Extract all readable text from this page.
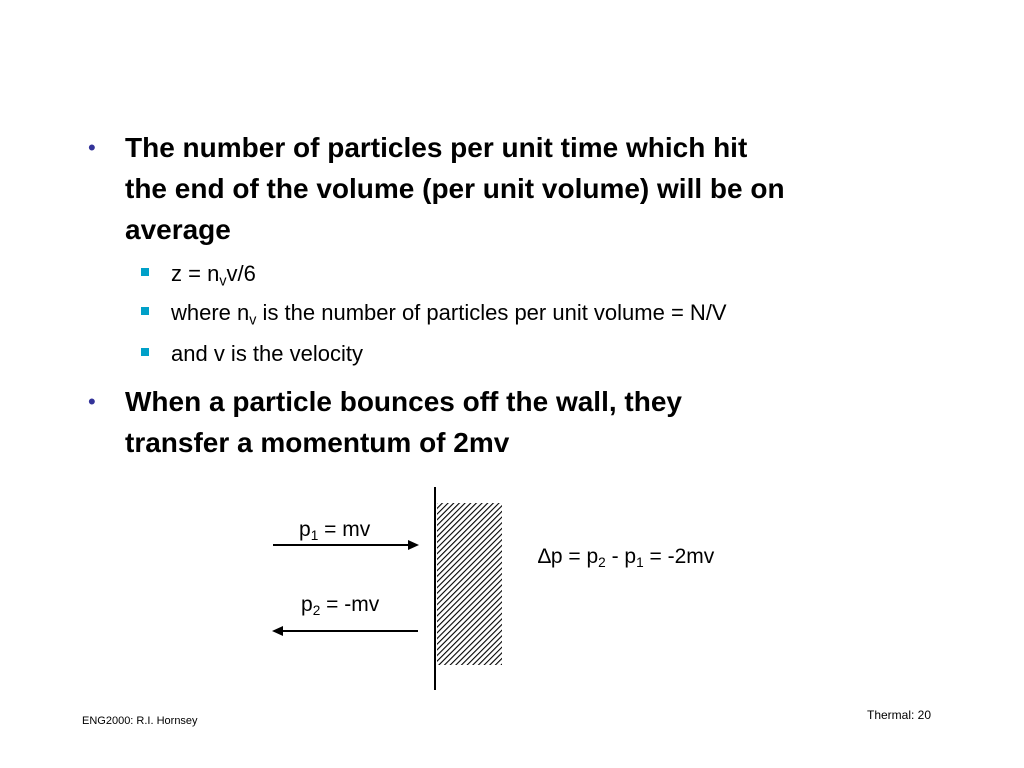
• The number of particles per unit time which hit
the end of the volume (per unit volume) will be on
average
$z = n_vv/6$
where $n_v$ is the number of particles per unit volume = N/V
and v is the velocity
• When a particle bounces off the wall, they
transfer a momentum of 2mv
$p_1$ = mv
$p_2 = -mv$
$\Delta p = p_2 - p_1 = -2mv$
ENG2000: R.I. Hornsey	Thermal: 20
